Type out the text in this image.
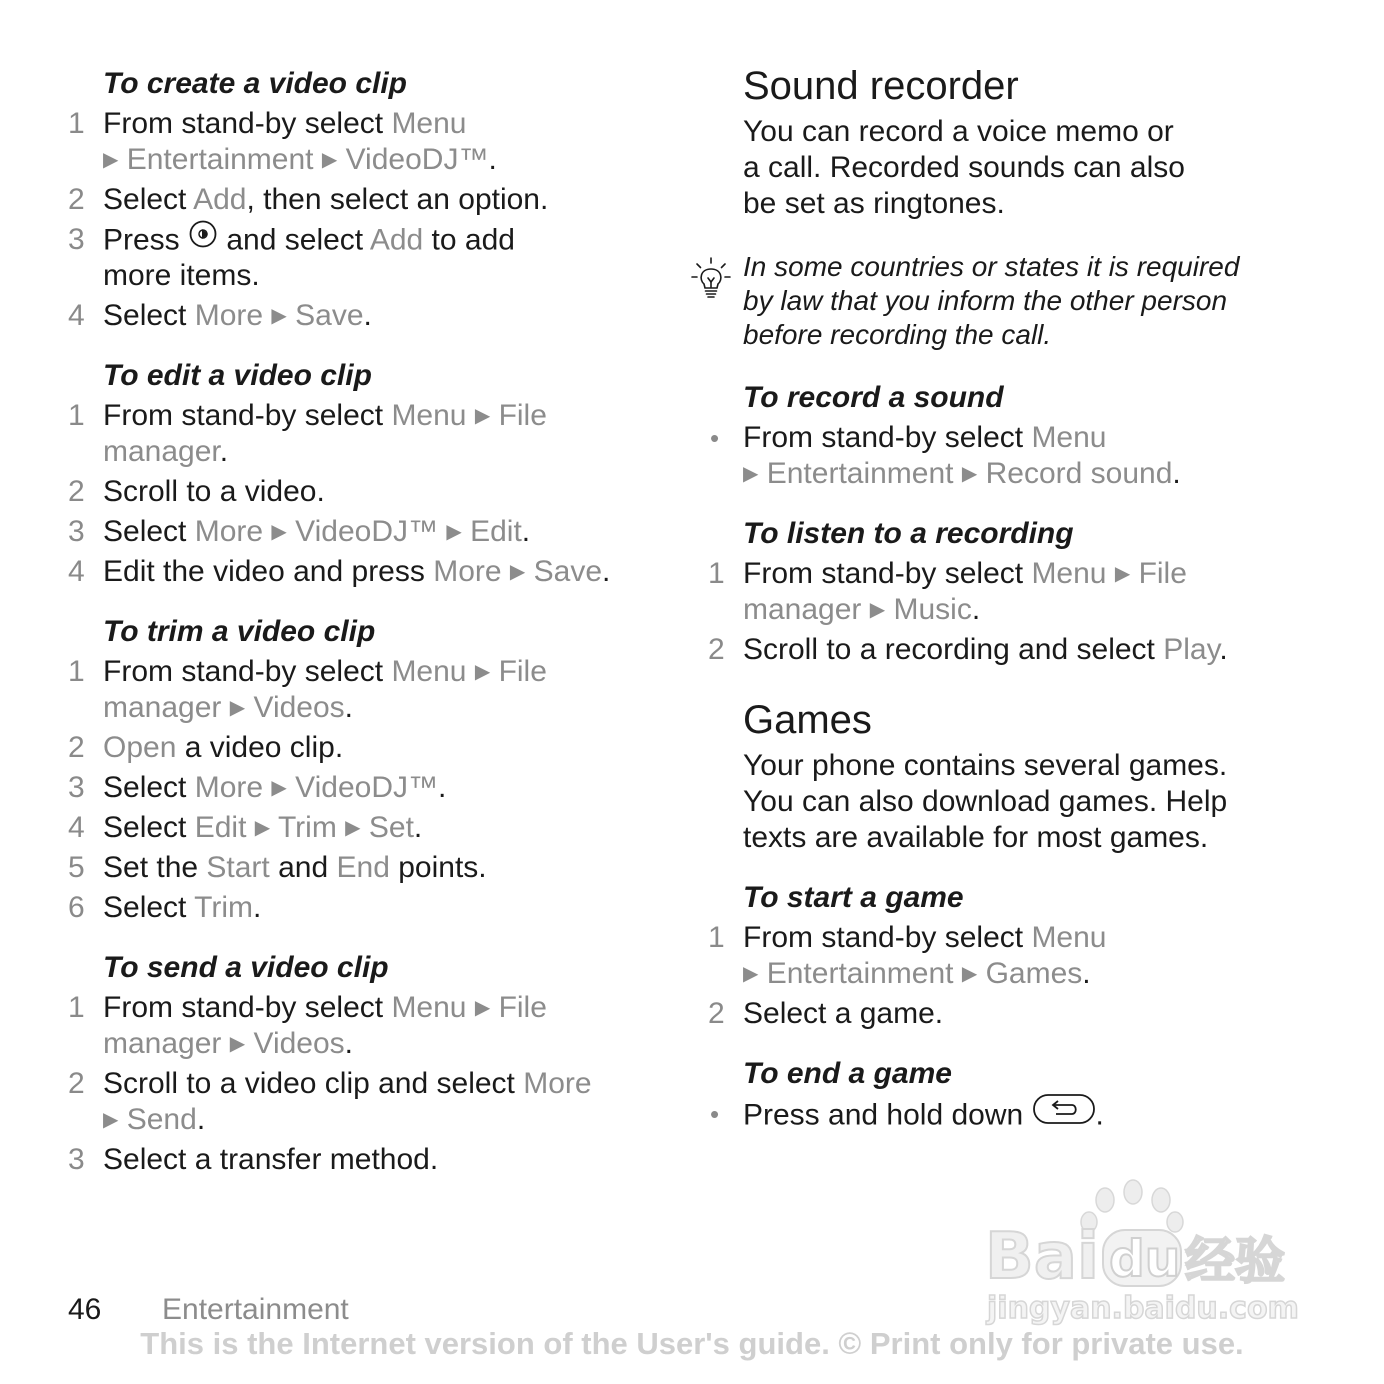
To create a video clip
1 From stand-by select Menu
▶ Entertainment ▶ VideoDJ™.
2 Select Add, then select an option.
3 Press  and select Add to add
more items.
4 Select More ▶ Save.
To edit a video clip
1 From stand-by select Menu ▶ File
manager.
2 Scroll to a video.
3 Select More ▶ VideoDJ™ ▶ Edit.
4 Edit the video and press More ▶ Save.
To trim a video clip
1 From stand-by select Menu ▶ File
manager ▶ Videos.
2 Open a video clip.
3 Select More ▶ VideoDJ™.
4 Select Edit ▶ Trim ▶ Set.
5 Set the Start and End points.
6 Select Trim.
To send a video clip
1 From stand-by select Menu ▶ File
manager ▶ Videos.
2 Scroll to a video clip and select More
▶ Send.
3 Select a transfer method.
Sound recorder
You can record a voice memo or
a call. Recorded sounds can also
be set as ringtones.
In some countries or states it is required
by law that you inform the other person
before recording the call.
To record a sound
• From stand-by select Menu
▶ Entertainment ▶ Record sound.
To listen to a recording
1 From stand-by select Menu ▶ File
manager ▶ Music.
2 Scroll to a recording and select Play.
Games
Your phone contains several games.
You can also download games. Help
texts are available for most games.
To start a game
1 From stand-by select Menu
▶ Entertainment ▶ Games.
2 Select a game.
To end a game
• Press and hold down .
Bai du 经验
jingyan.baidu.com
46 Entertainment
This is the Internet version of the User's guide. © Print only for private use.
